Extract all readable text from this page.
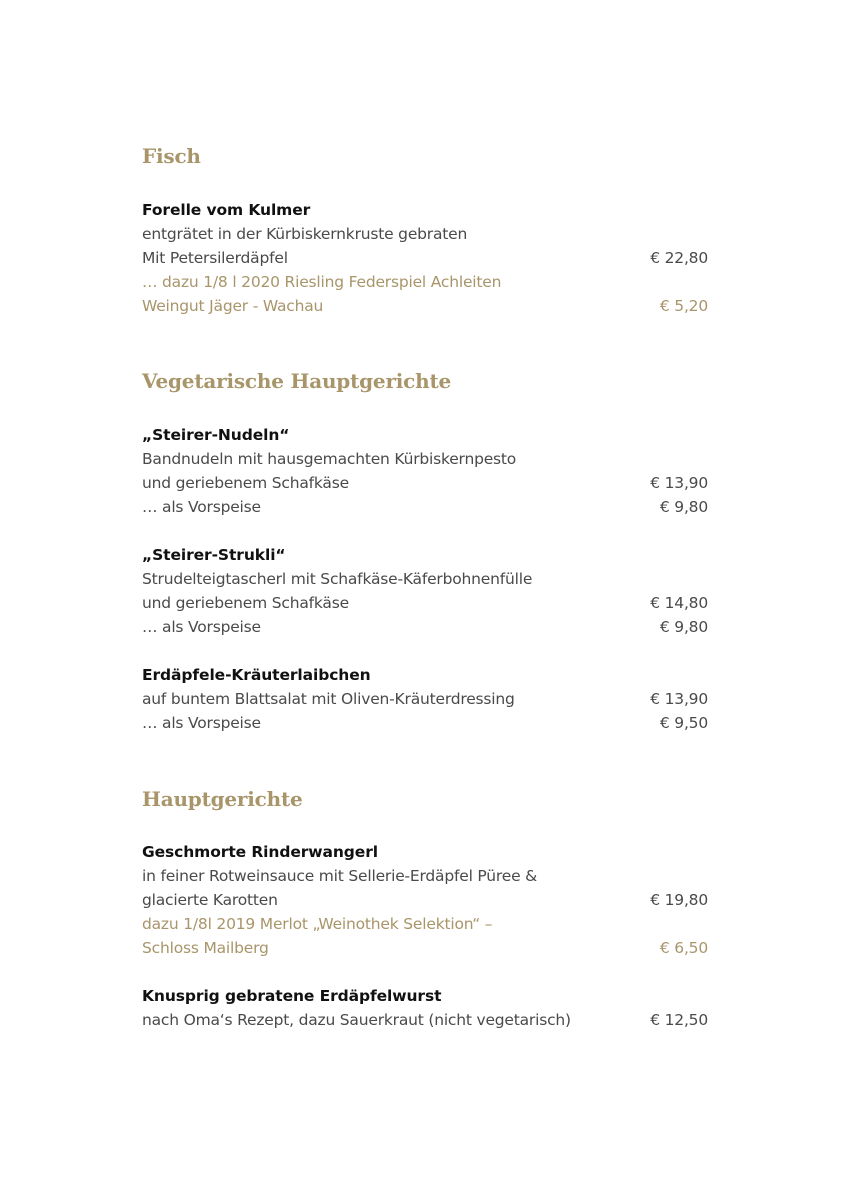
Fisch
Forelle vom Kulmer
entgrätet in der Kürbiskernkruste gebraten
Mit Petersilerdäpfel	€ 22,80
… dazu 1/8 l 2020 Riesling Federspiel Achleiten
Weingut Jäger - Wachau	€ 5,20
Vegetarische Hauptgerichte
„Steirer-Nudeln“
Bandnudeln mit hausgemachten Kürbiskernpesto
und geriebenem Schafkäse	€ 13,90
… als Vorspeise	€ 9,80
„Steirer-Strukli“
Strudelteigtascherl mit Schafkäse-Käferbohnenfülle
und geriebenem Schafkäse	€ 14,80
… als Vorspeise	€ 9,80
Erdäpfele-Kräuterlaibchen
auf buntem Blattsalat mit Oliven-Kräuterdressing	€ 13,90
… als Vorspeise	€ 9,50
Hauptgerichte
Geschmorte Rinderwangerl
in feiner Rotweinsauce mit Sellerie-Erdäpfel Püree &
glacierte Karotten	€ 19,80
dazu 1/8l 2019 Merlot „Weinothek Selektion“ –
Schloss Mailberg	€ 6,50
Knusprig gebratene Erdäpfelwurst
nach Oma‘s Rezept, dazu Sauerkraut (nicht vegetarisch)	€ 12,50
